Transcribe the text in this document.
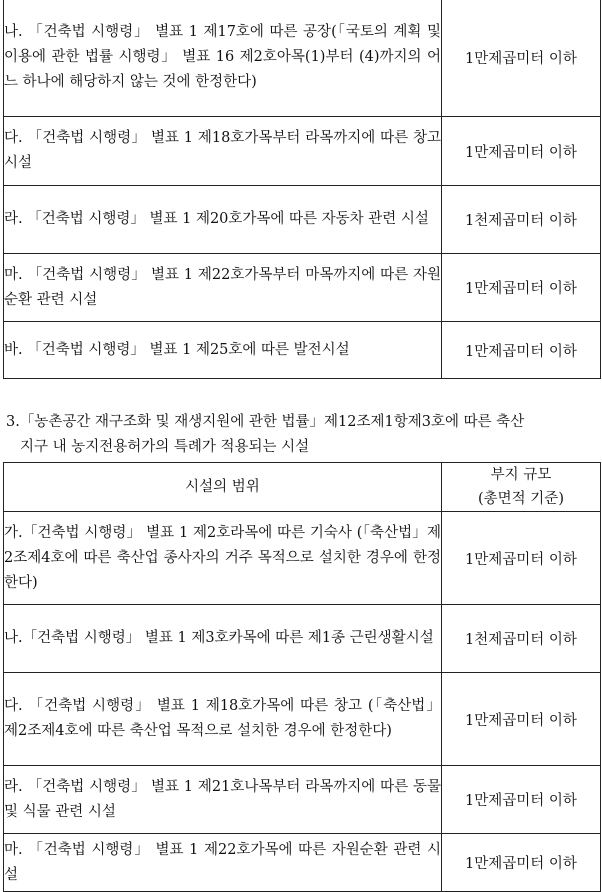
나. 「건축법 시행령」 별표 1 제17호에 따른 공장(「국토의 계획 및 이용에 관한 법률 시행령」 별표 16 제2호아목(1)부터 (4)까지의 어느 하나에 해당하지 않는 것에 한정한다)	1만제곱미터 이하

다. 「건축법 시행령」 별표 1 제18호가목부터 라목까지에 따른 창고시설	1만제곱미터 이하

라. 「건축법 시행령」 별표 1 제20호가목에 따른 자동차 관련 시설	1천제곱미터 이하

마. 「건축법 시행령」 별표 1 제22호가목부터 마목까지에 따른 자원순환 관련 시설	1만제곱미터 이하

바. 「건축법 시행령」 별표 1 제25호에 따른 발전시설	1만제곱미터 이하
3.「농촌공간 재구조화 및 재생지원에 관한 법률」제12조제1항제3호에 따른 축산
지구 내 농지전용허가의 특례가 적용되는 시설
시설의 범위	부지 규모
(총면적 기준)

가.「건축법 시행령」 별표 1 제2호라목에 따른 기숙사 (「축산법」제2조제4호에 따른 축산업 종사자의 거주 목적으로 설치한 경우에 한정한다)	1만제곱미터 이하

나.「건축법 시행령」 별표 1 제3호카목에 따른 제1종 근린생활시설	1천제곱미터 이하

다. 「건축법 시행령」 별표 1 제18호가목에 따른 창고 (「축산법」 제2조제4호에 따른 축산업 목적으로 설치한 경우에 한정한다)	1만제곱미터 이하

라. 「건축법 시행령」 별표 1 제21호나목부터 라목까지에 따른 동물 및 식물 관련 시설	1만제곱미터 이하

마. 「건축법 시행령」 별표 1 제22호가목에 따른 자원순환 관련 시설	1만제곱미터 이하
